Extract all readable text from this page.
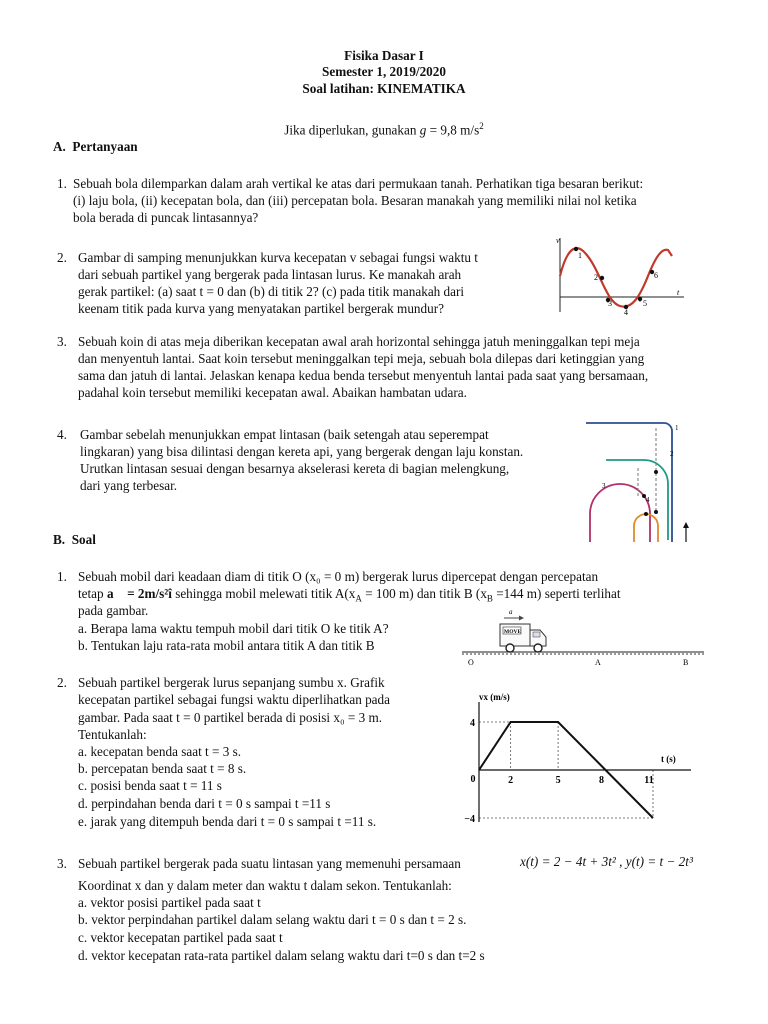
Fisika Dasar I
Semester 1, 2019/2020
Soal latihan: KINEMATIKA
Jika diperlukan, gunakan g = 9,8 $m/s^2$
A. Pertanyaan
1. Sebuah bola dilemparkan dalam arah vertikal ke atas dari permukaan tanah. Perhatikan tiga besaran berikut:
(i) laju bola, (ii) kecepatan bola, dan (iii) percepatan bola. Besaran manakah yang memiliki nilai nol ketika
bola berada di puncak lintasannya?
2. Gambar di samping menunjukkan kurva kecepatan v sebagai fungsi waktu t
dari sebuah partikel yang bergerak pada lintasan lurus. Ke manakah arah
gerak partikel: (a) saat t = 0 dan (b) di titik 2? (c) pada titik manakah dari
keenam titik pada kurva yang menyatakan partikel bergerak mundur?
v
t
1
2
3
4
5
6
3. Sebuah koin di atas meja diberikan kecepatan awal arah horizontal sehingga jatuh meninggalkan tepi meja
dan menyentuh lantai. Saat koin tersebut meninggalkan tepi meja, sebuah bola dilepas dari ketinggian yang
sama dan jatuh di lantai. Jelaskan kenapa kedua benda tersebut menyentuh lantai pada saat yang bersamaan,
padahal koin tersebut memiliki kecepatan awal. Abaikan hambatan udara.
4. Gambar sebelah menunjukkan empat lintasan (baik setengah atau seperempat
lingkaran) yang bisa dilintasi dengan kereta api, yang bergerak dengan laju konstan.
Urutkan lintasan sesuai dengan besarnya akselerasi kereta di bagian melengkung,
dari yang terbesar.
1
2
3
4
B. Soal
1. Sebuah mobil dari keadaan diam di titik O (x₀ = 0 m) bergerak lurus dipercepat dengan percepatan
tetap a⃗ = 2m/s²î sehingga mobil melewati titik $A(x_A = 100$ m) dan titik B ($x_B =144$ m) seperti terlihat
pada gambar.
a. Berapa lama waktu tempuh mobil dari titik O ke titik A?
b. Tentukan laju rata-rata mobil antara titik A dan titik B
a⃗
MOVE
O	A	B
2. Sebuah partikel bergerak lurus sepanjang sumbu x. Grafik
kecepatan partikel sebagai fungsi waktu diperlihatkan pada
gambar. Pada saat t = 0 partikel berada di posisi x₀ = 3 m.
Tentukanlah:
a. kecepatan benda saat t = 3 s.
b. percepatan benda saat t = 8 s.
c. posisi benda saat t = 11 s
d. perpindahan benda dari t = 0 s sampai t =11 s
e. jarak yang ditempuh benda dari t = 0 s sampai t =11 s.
0	2	5	8	11
4
−4
vx (m/s)
t (s)
3. Sebuah partikel bergerak pada suatu lintasan yang memenuhi persamaan	x(t) = 2 − 4t + 3t² , y(t) = t − 2t³
Koordinat x dan y dalam meter dan waktu t dalam sekon. Tentukanlah:
a. vektor posisi partikel pada saat t
b. vektor perpindahan partikel dalam selang waktu dari t = 0 s dan t = 2 s.
c. vektor kecepatan partikel pada saat t
d. vektor kecepatan rata-rata partikel dalam selang waktu dari t=0 s dan t=2 s
